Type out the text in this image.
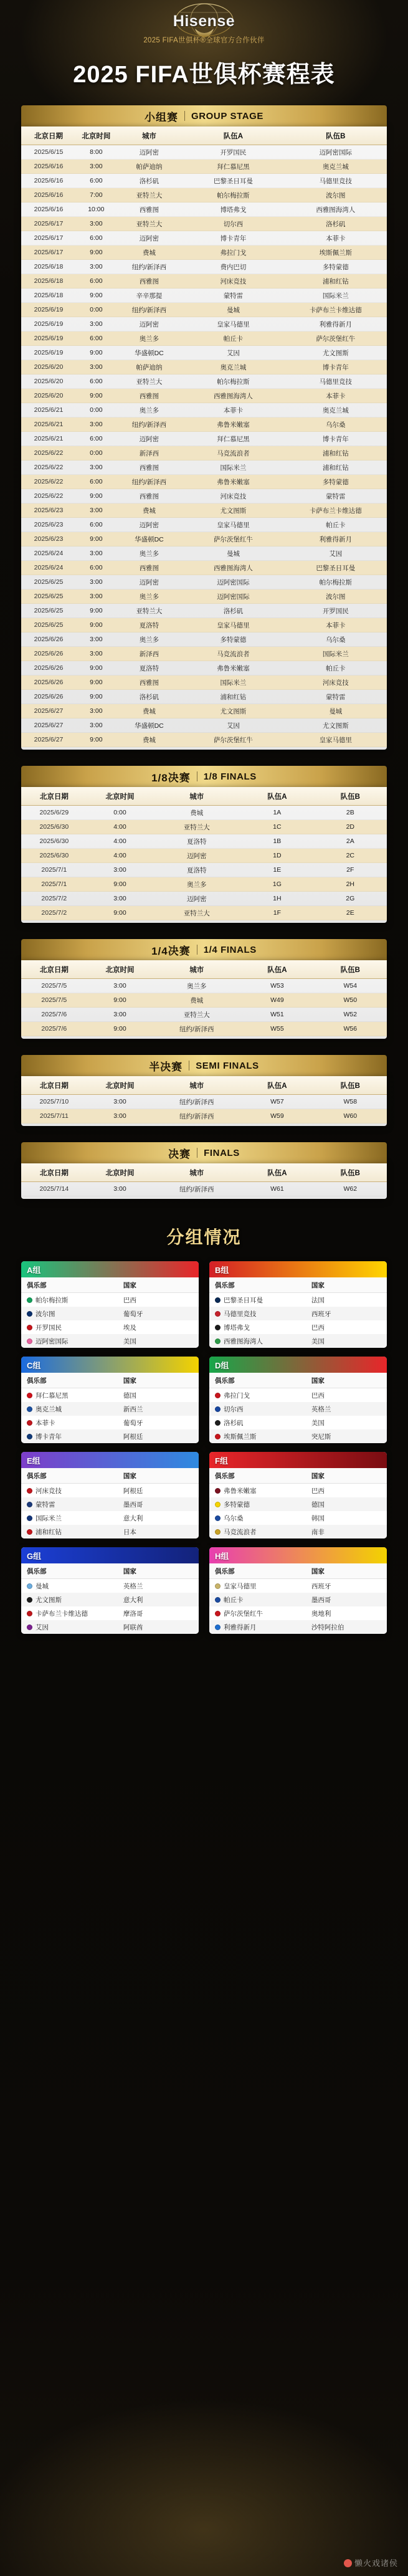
Hisense
2025 FIFA世俱杯®全球官方合作伙伴
2025 FIFA世俱杯赛程表
小组赛 GROUP STAGE
北京日期	北京时间	城市	队伍A	队伍B
2025/6/15	8:00	迈阿密	开罗国民	迈阿密国际
2025/6/16	3:00	帕萨迪纳	拜仁慕尼黑	奥克兰城
2025/6/16	6:00	洛杉矶	巴黎圣日耳曼	马德里竞技
2025/6/16	7:00	亚特兰大	帕尔梅拉斯	波尔图
2025/6/16	10:00	西雅图	博塔弗戈	西雅图海湾人
2025/6/17	3:00	亚特兰大	切尔西	洛杉矶
2025/6/17	6:00	迈阿密	博卡青年	本菲卡
2025/6/17	9:00	费城	弗拉门戈	埃斯佩兰斯
2025/6/18	3:00	纽约/新泽西	费内巴切	多特蒙德
2025/6/18	6:00	西雅图	河床竞技	浦和红钻
2025/6/18	9:00	辛辛那提	蒙特雷	国际米兰
2025/6/19	0:00	纽约/新泽西	曼城	卡萨布兰卡维达德
2025/6/19	3:00	迈阿密	皇家马德里	利雅得新月
2025/6/19	6:00	奥兰多	帕丘卡	萨尔茨堡红牛
2025/6/19	9:00	华盛顿DC	艾因	尤文图斯
2025/6/20	3:00	帕萨迪纳	奥克兰城	博卡青年
2025/6/20	6:00	亚特兰大	帕尔梅拉斯	马德里竞技
2025/6/20	9:00	西雅图	西雅图海湾人	本菲卡
2025/6/21	0:00	奥兰多	本菲卡	奥克兰城
2025/6/21	3:00	纽约/新泽西	弗鲁米嫩塞	乌尔桑
2025/6/21	6:00	迈阿密	拜仁慕尼黑	博卡青年
2025/6/22	0:00	新泽西	马竞流浪者	浦和红钻
2025/6/22	3:00	西雅图	国际米兰	浦和红钻
2025/6/22	6:00	纽约/新泽西	弗鲁米嫩塞	多特蒙德
2025/6/22	9:00	西雅图	河床竞技	蒙特雷
2025/6/23	3:00	费城	尤文图斯	卡萨布兰卡维达德
2025/6/23	6:00	迈阿密	皇家马德里	帕丘卡
2025/6/23	9:00	华盛顿DC	萨尔茨堡红牛	利雅得新月
2025/6/24	3:00	奥兰多	曼城	艾因
2025/6/24	6:00	西雅图	西雅图海湾人	巴黎圣日耳曼
2025/6/25	3:00	迈阿密	迈阿密国际	帕尔梅拉斯
2025/6/25	3:00	奥兰多	迈阿密国际	波尔图
2025/6/25	9:00	亚特兰大	洛杉矶	开罗国民
2025/6/25	9:00	夏洛特	皇家马德里	本菲卡
2025/6/26	3:00	奥兰多	多特蒙德	乌尔桑
2025/6/26	3:00	新泽西	马竞流浪者	国际米兰
2025/6/26	9:00	夏洛特	弗鲁米嫩塞	帕丘卡
2025/6/26	9:00	西雅图	国际米兰	河床竞技
2025/6/26	9:00	洛杉矶	浦和红钻	蒙特雷
2025/6/27	3:00	费城	尤文图斯	曼城
2025/6/27	3:00	华盛顿DC	艾因	尤文图斯
2025/6/27	9:00	费城	萨尔茨堡红牛	皇家马德里
1/8决赛 1/8 FINALS
北京日期	北京时间	城市	队伍A	队伍B
2025/6/29	0:00	费城	1A	2B
2025/6/30	4:00	亚特兰大	1C	2D
2025/6/30	4:00	夏洛特	1B	2A
2025/6/30	4:00	迈阿密	1D	2C
2025/7/1	3:00	夏洛特	1E	2F
2025/7/1	9:00	奥兰多	1G	2H
2025/7/2	3:00	迈阿密	1H	2G
2025/7/2	9:00	亚特兰大	1F	2E
1/4决赛 1/4 FINALS
北京日期	北京时间	城市	队伍A	队伍B
2025/7/5	3:00	奥兰多	W53	W54
2025/7/5	9:00	费城	W49	W50
2025/7/6	3:00	亚特兰大	W51	W52
2025/7/6	9:00	纽约/新泽西	W55	W56
半决赛 SEMI FINALS
北京日期	北京时间	城市	队伍A	队伍B
2025/7/10	3:00	纽约/新泽西	W57	W58
2025/7/11	3:00	纽约/新泽西	W59	W60
决赛 FINALS
北京日期	北京时间	城市	队伍A	队伍B
2025/7/14	3:00	纽约/新泽西	W61	W62
分组情况
A组
俱乐部	国家
帕尔梅拉斯	巴西
波尔图	葡萄牙
开罗国民	埃及
迈阿密国际	美国
B组
俱乐部	国家
巴黎圣日耳曼	法国
马德里竞技	西班牙
博塔弗戈	巴西
西雅图海湾人	美国
C组
俱乐部	国家
拜仁慕尼黑	德国
奥克兰城	新西兰
本菲卡	葡萄牙
博卡青年	阿根廷
D组
俱乐部	国家
弗拉门戈	巴西
切尔西	英格兰
洛杉矶	美国
埃斯佩兰斯	突尼斯
E组
俱乐部	国家
河床竞技	阿根廷
蒙特雷	墨西哥
国际米兰	意大利
浦和红钻	日本
F组
俱乐部	国家
弗鲁米嫩塞	巴西
多特蒙德	德国
乌尔桑	韩国
马竞流浪者	南非
G组
俱乐部	国家
曼城	英格兰
尤文图斯	意大利
卡萨布兰卡维达德	摩洛哥
艾因	阿联酋
H组
俱乐部	国家
皇家马德里	西班牙
帕丘卡	墨西哥
萨尔茨堡红牛	奥地利
利雅得新月	沙特阿拉伯
懒火戏诸侯
